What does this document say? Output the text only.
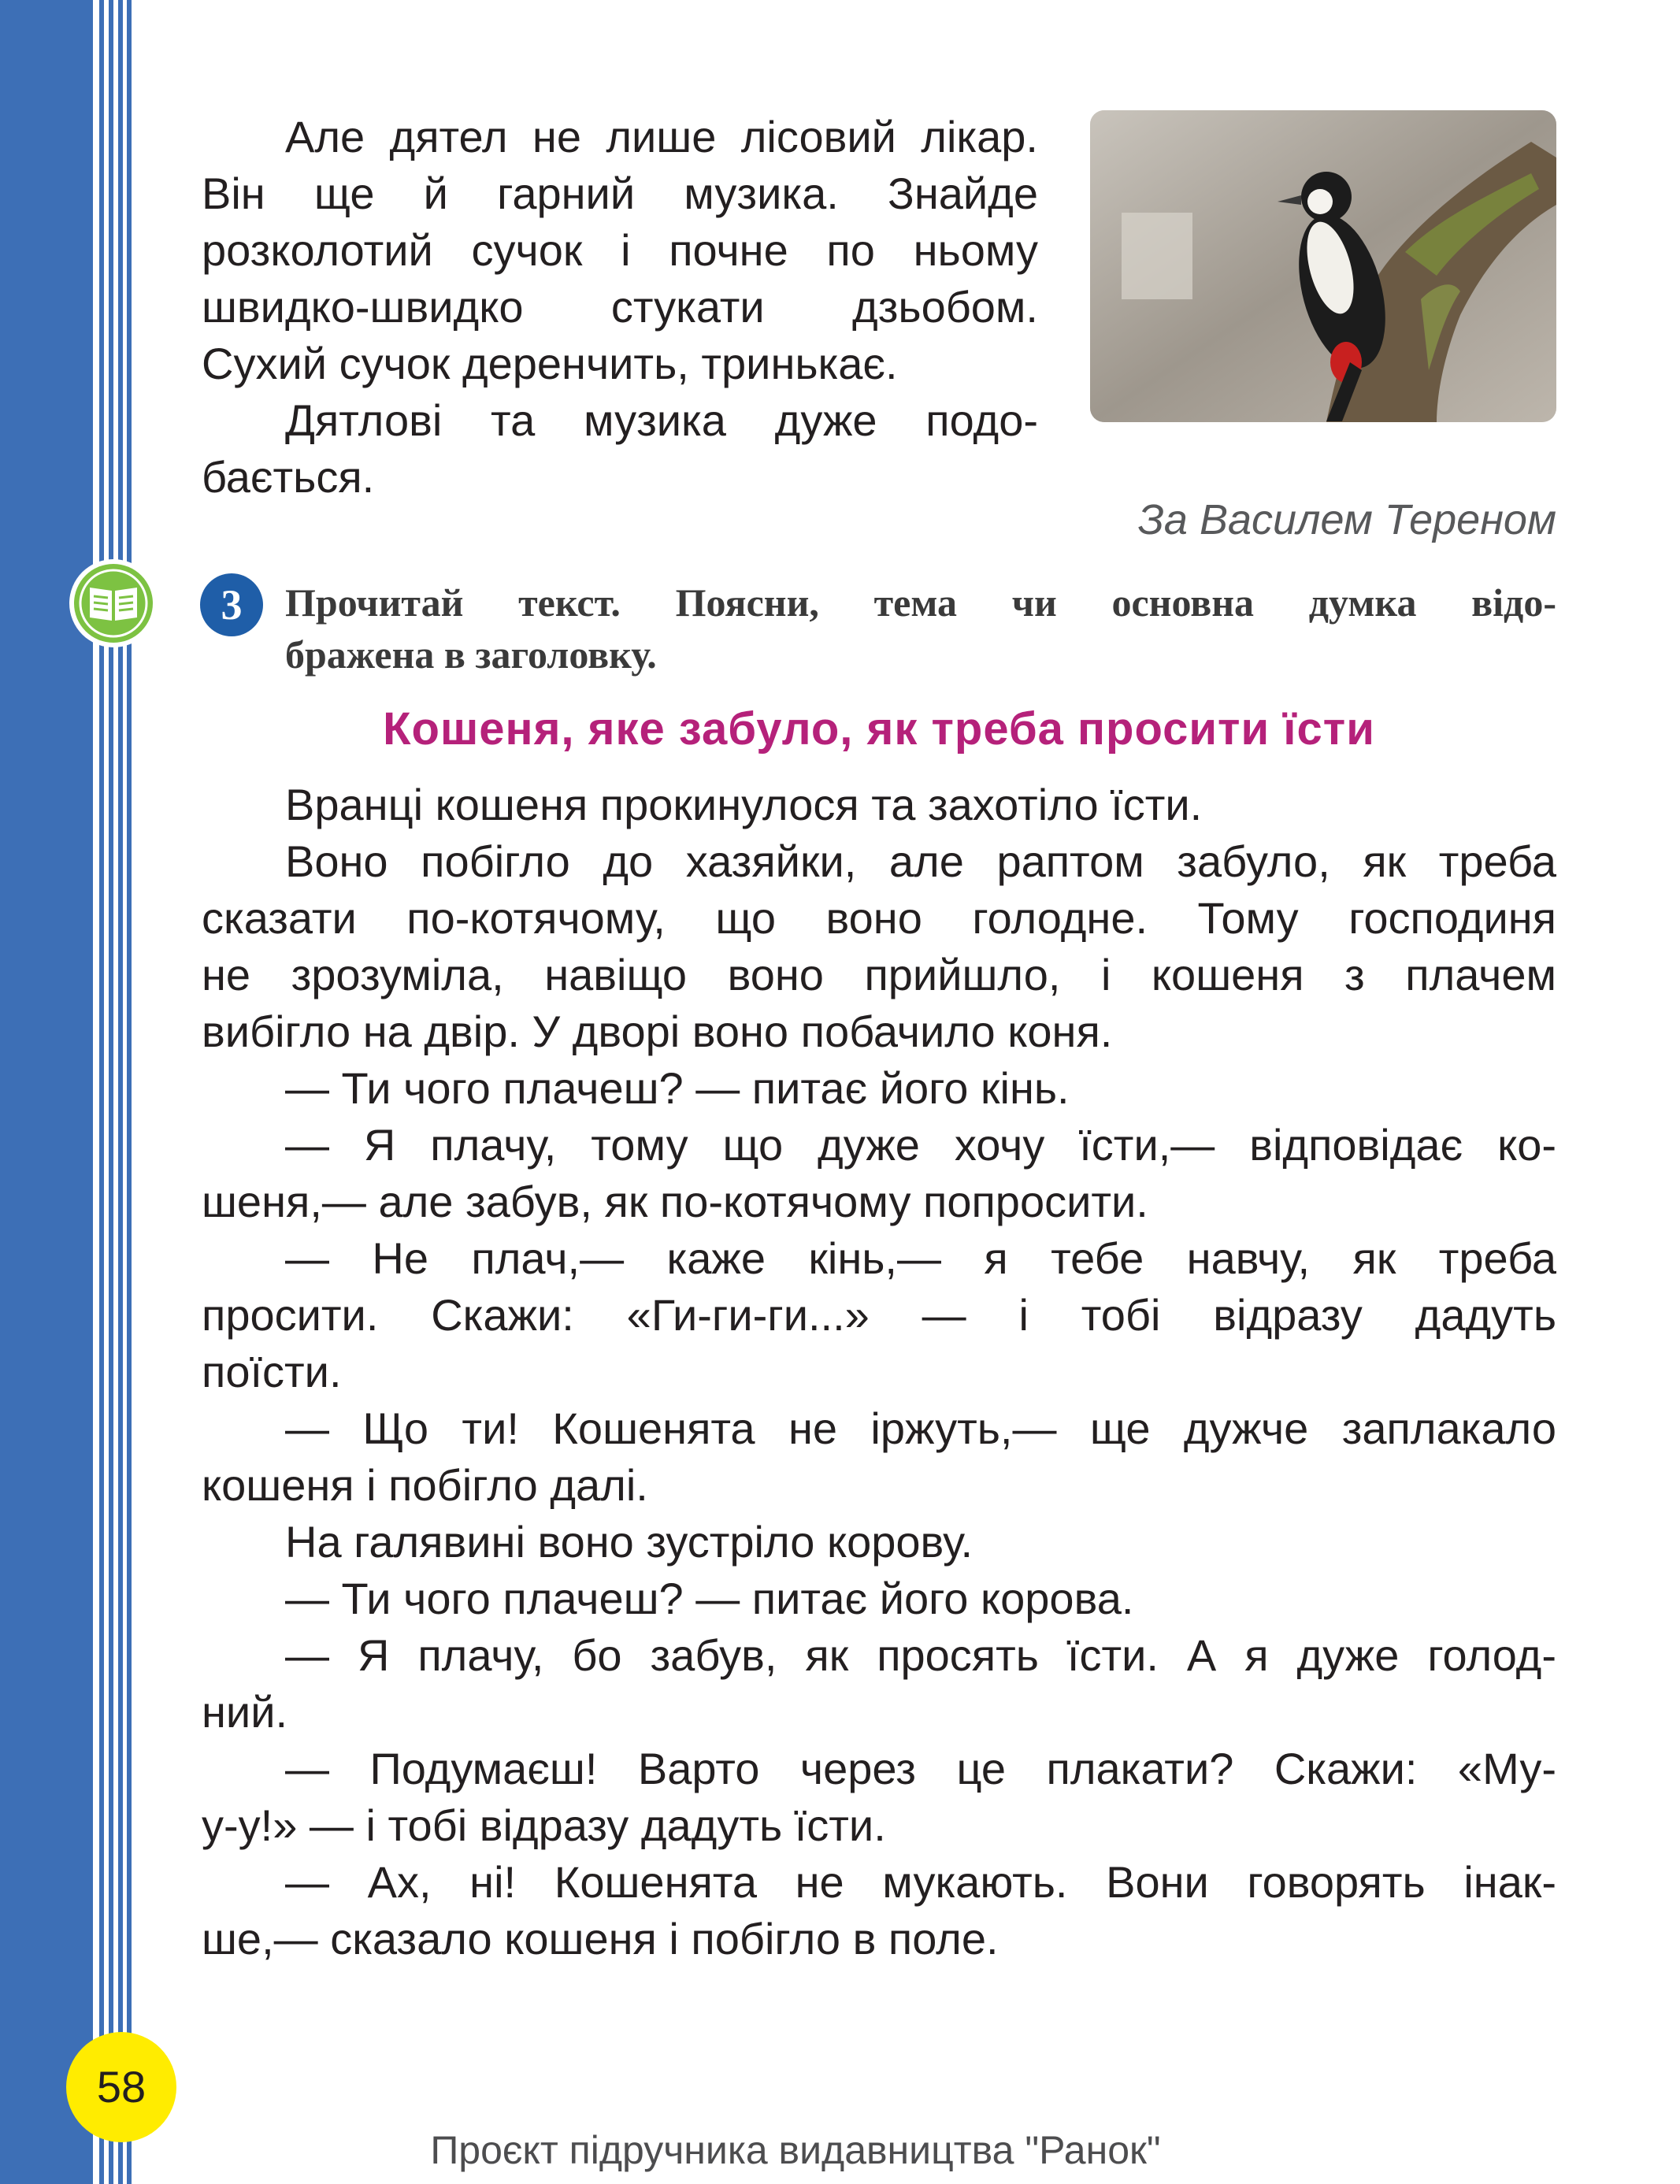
Але дятел не лише лісовий лікар.
Він ще й гарний музика. Знайде
розколотий сучок і почне по ньому
швидко-швидко стукати дзьобом.
Сухий сучок деренчить, тринькає.
Дятлові та музика дуже подо-
бається.
За Василем Тереном
3	Прочитай текст. Поясни, тема чи основна думка відо-
бражена в заголовку.
Кошеня, яке забуло, як треба просити їсти
Вранці кошеня прокинулося та захотіло їсти.
Воно побігло до хазяйки, але раптом забуло, як треба
сказати по-котячому, що воно голодне. Тому господиня
не зрозуміла, навіщо воно прийшло, і кошеня з плачем
вибігло на двір. У дворі воно побачило коня.
— Ти чого плачеш? — питає його кінь.
— Я плачу, тому що дуже хочу їсти,— відповідає ко-
шеня,— але забув, як по-котячому попросити.
— Не плач,— каже кінь,— я тебе навчу, як треба
просити. Скажи: «Ги-ги-ги...» — і тобі відразу дадуть
поїсти.
— Що ти! Кошенята не іржуть,— ще дужче заплакало
кошеня і побігло далі.
На галявині воно зустріло корову.
— Ти чого плачеш? — питає його корова.
— Я плачу, бо забув, як просять їсти. А я дуже голод-
ний.
— Подумаєш! Варто через це плакати? Скажи: «Му-
у-у!» — і тобі відразу дадуть їсти.
— Ах, ні! Кошенята не мукають. Вони говорять інак-
ше,— сказало кошеня і побігло в поле.
58
Проєкт підручника видавництва "Ранок"
